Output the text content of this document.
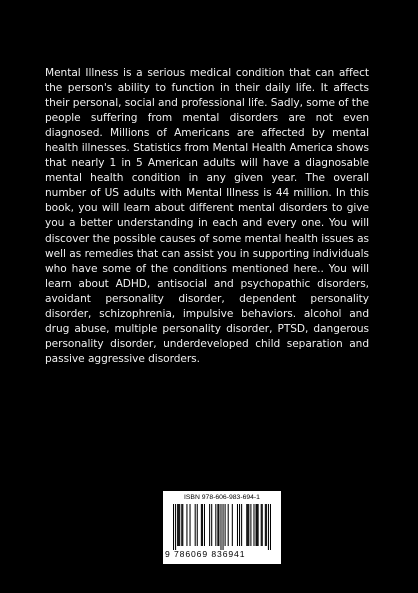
Mental Illness is a serious medical condition that can affect the person's ability to function in their daily life. It affects their personal, social and professional life. Sadly, some of the people suffering from mental disorders are not even diagnosed. Millions of Americans are affected by mental health illnesses. Statistics from Mental Health America shows that nearly 1 in 5 American adults will have a diagnosable mental health condition in any given year. The overall number of US adults with Mental Illness is 44 million. In this book, you will learn about different mental disorders to give you a better understanding in each and every one. You will discover the possible causes of some mental health issues as well as remedies that can assist you in supporting individuals who have some of the conditions mentioned here.. You will learn about ADHD, antisocial and psychopathic disorders, avoidant personality disorder, dependent personality disorder, schizophrenia, impulsive behaviors. alcohol and drug abuse, multiple personality disorder, PTSD, dangerous personality disorder, underdeveloped child separation and passive aggressive disorders.
ISBN 978-606-983-694-1
9 786069 836941
